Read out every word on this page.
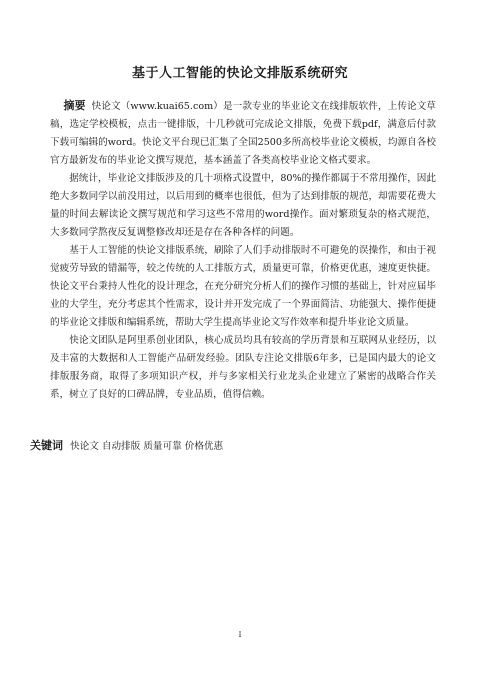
基于人工智能的快论文排版系统研究

摘要 快论文（www.kuai65.com）是一款专业的毕业论文在线排版软件，上传论文草稿，选定学校模板，点击一键排版，十几秒就可完成论文排版，免费下载pdf，满意后付款下载可编辑的word。快论文平台现已汇集了全国2500多所高校毕业论文模板，均源自各校官方最新发布的毕业论文撰写规范，基本涵盖了各类高校毕业论文格式要求。

据统计，毕业论文排版涉及的几十项格式设置中，80%的操作都属于不常用操作，因此绝大多数同学以前没用过，以后用到的概率也很低，但为了达到排版的规范，却需要花费大量的时间去解读论文撰写规范和学习这些不常用的word操作。面对繁琐复杂的格式规范，大多数同学熬夜反复调整修改却还是存在各种各样的问题。

基于人工智能的快论文排版系统，刷除了人们手动排版时不可避免的误操作，和由于视觉疲劳导致的错漏等，较之传统的人工排版方式，质量更可靠，价格更优惠，速度更快捷。快论文平台秉持人性化的设计理念，在充分研究分析人们的操作习惯的基础上，针对应届毕业的大学生，充分考虑其个性需求，设计并开发完成了一个界面简洁、功能强大、操作便捷的毕业论文排版和编辑系统，帮助大学生提高毕业论文写作效率和提升毕业论文质量。

快论文团队是阿里系创业团队，核心成员均具有较高的学历背景和互联网从业经历，以及丰富的大数据和人工智能产品研发经验。团队专注论文排版6年多，已是国内最大的论文排版服务商，取得了多项知识产权，并与多家相关行业龙头企业建立了紧密的战略合作关系，树立了良好的口碑品牌，专业品质，值得信赖。

关键词 快论文 自动排版 质量可靠 价格优惠
I
